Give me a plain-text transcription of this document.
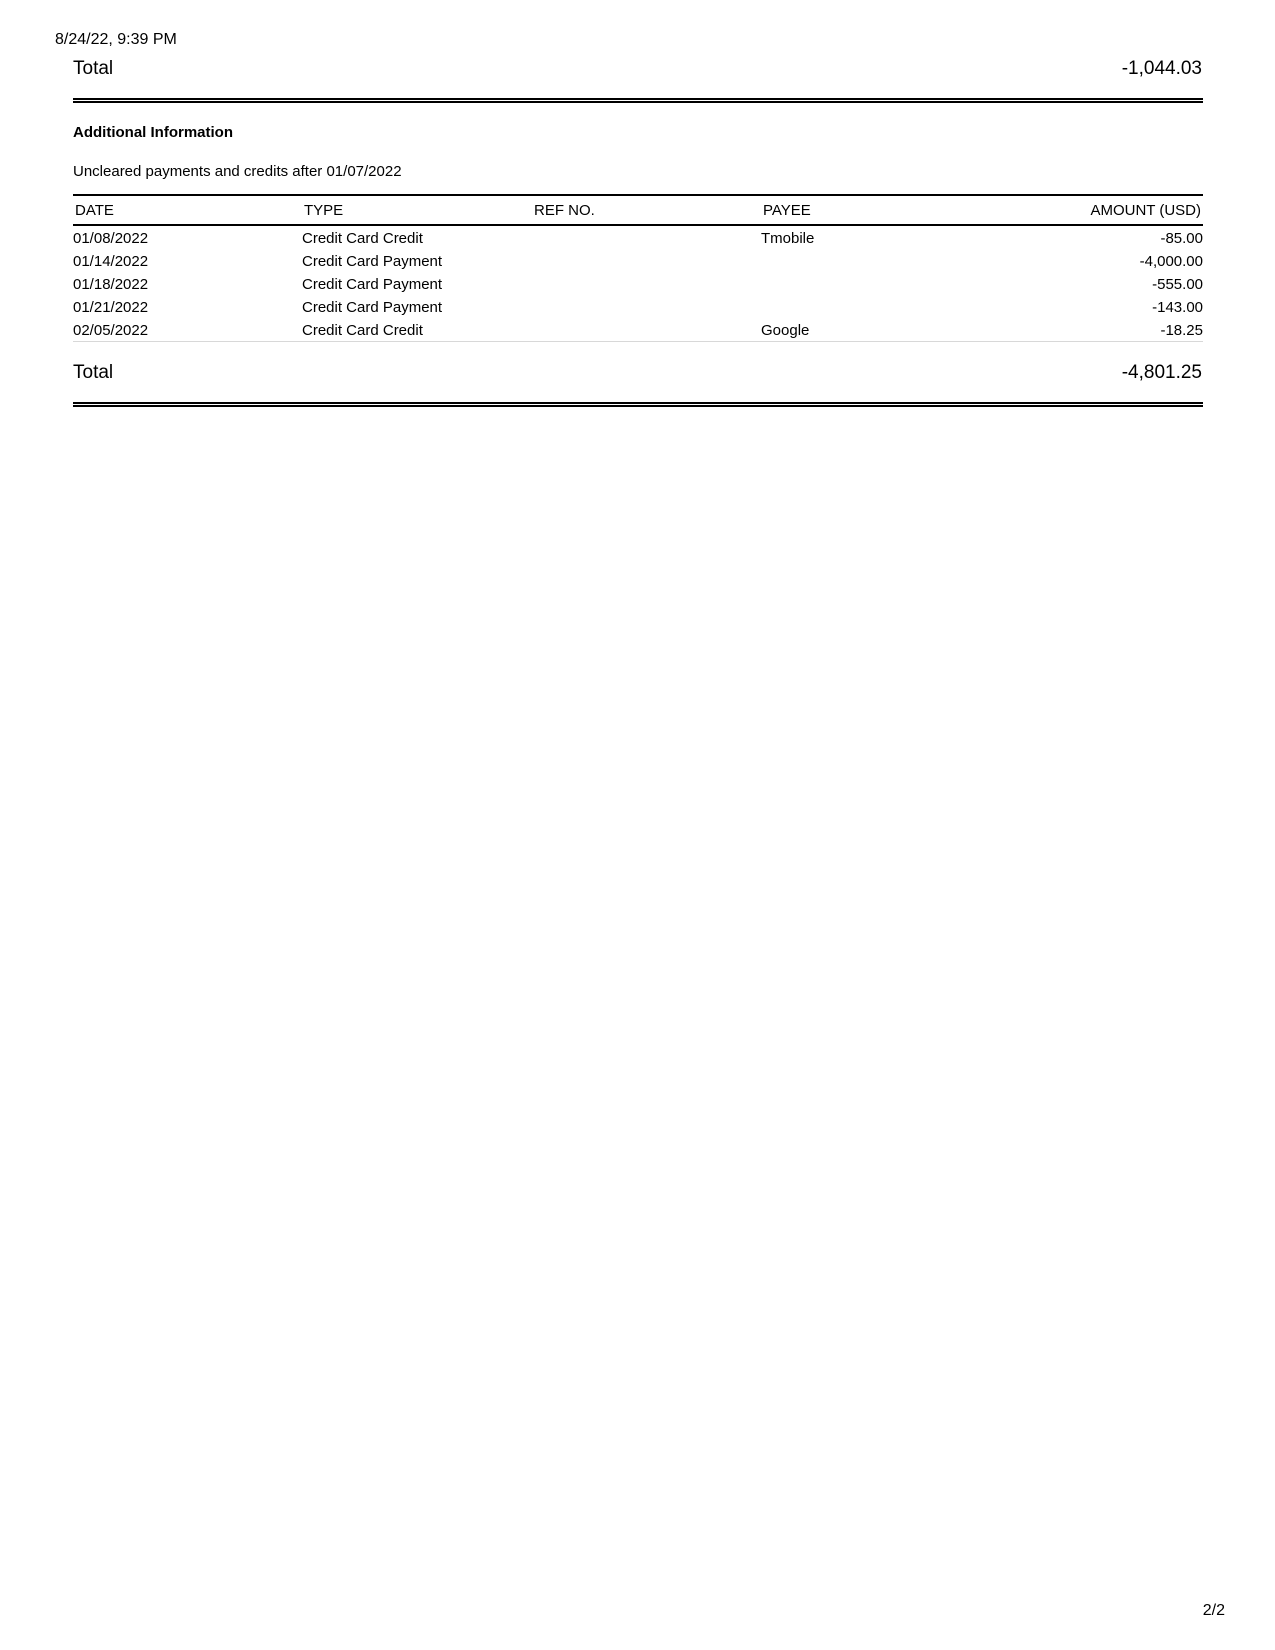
8/24/22, 9:39 PM
Total	-1,044.03
Additional Information
Uncleared payments and credits after 01/07/2022
DATE	TYPE	REF NO.	PAYEE	AMOUNT (USD)
01/08/2022	Credit Card Credit		Tmobile	-85.00
01/14/2022	Credit Card Payment			-4,000.00
01/18/2022	Credit Card Payment			-555.00
01/21/2022	Credit Card Payment			-143.00
02/05/2022	Credit Card Credit		Google	-18.25
Total	-4,801.25
2/2
